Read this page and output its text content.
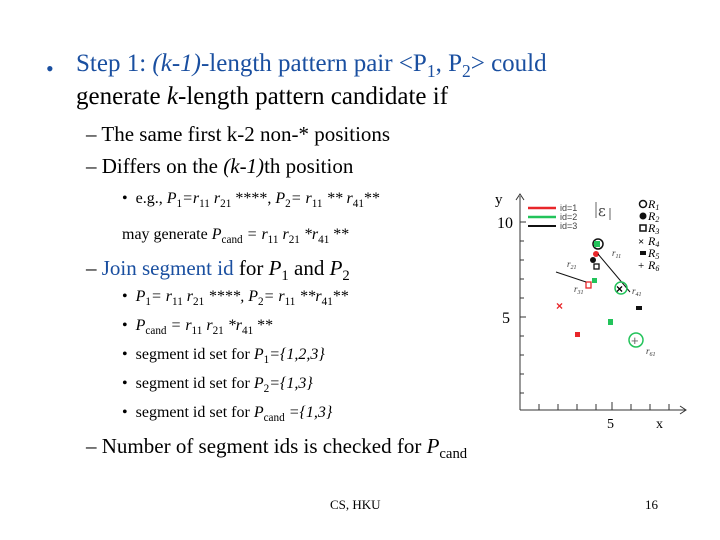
• Step 1: (k-1)-length pattern pair $<P_1$, $P_2>$ could
generate k-length pattern candidate if
– The same first k-2 non-* positions
– Differs on the (k-1)th position
•  e.g., $P_1=r_{11}$ $r_{21}$ ****, $P_2= r_{11} ** r_{41}**$
may generate $P_{cand} = r_{11}$ $r_{21}$ $*r_{41}$ **
– Join segment id for $P_1$ and $P_2$
•  $P_1= r_{11}$ $r_{21}$ ****, $P_2= r_{11}$ $**r_{41}**$
•  $P_{cand} = r_{11}$ $r_{21}$ $*r_{41}$ **
•  segment id set for $P_1=\{1,2,3\}$
•  segment id set for $P_2=\{1,3\}$
•  segment id set for $P_{cand} =\{1,3\}$
– Number of segment ids is checked for $P_{cand}$
y
x
10
5
5
id=1
id=2
id=3
ε	R1
R2
R3
× R4
R5
+ R6
×
×
+
$r_{11}$
$r_{21}$
$r_{31}$	$r_{41}$
$r_{61}$
CS, HKU	16
